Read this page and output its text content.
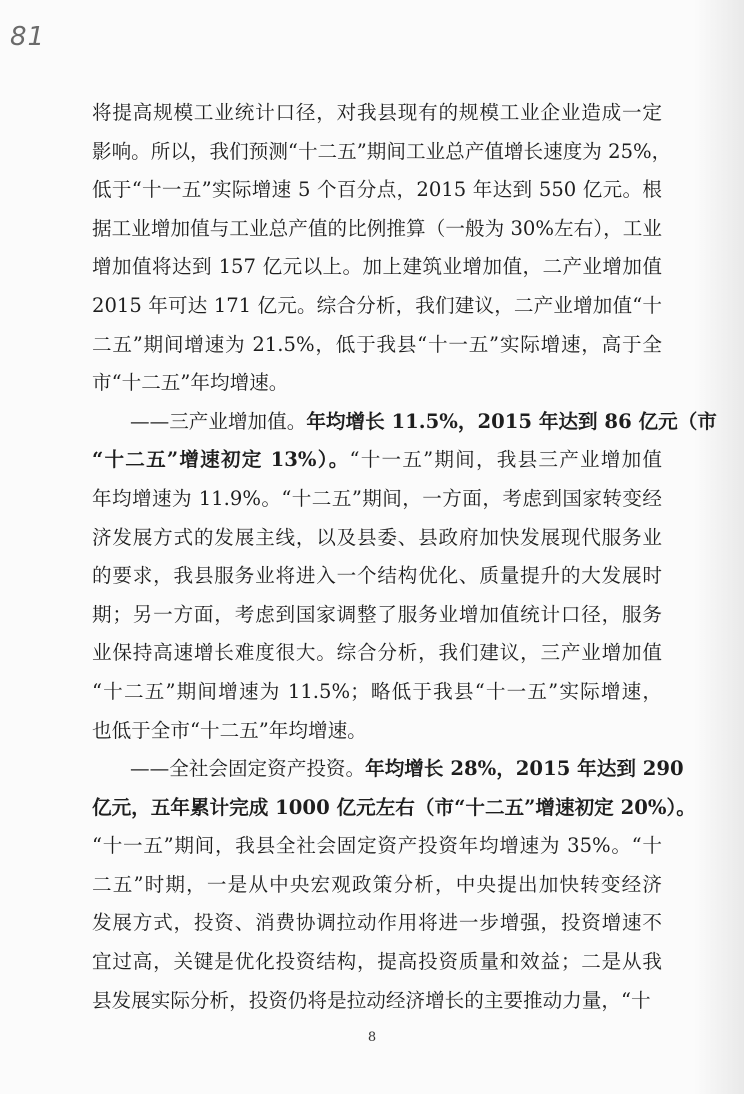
81
将提高规模工业统计口径，对我县现有的规模工业企业造成一定
影响。所以，我们预测“十二五”期间工业总产值增长速度为 25%，
低于“十一五”实际增速 5 个百分点，2015 年达到 550 亿元。根
据工业增加值与工业总产值的比例推算（一般为 30%左右），工业
增加值将达到 157 亿元以上。加上建筑业增加值，二产业增加值
2015 年可达 171 亿元。综合分析，我们建议，二产业增加值“十
二五”期间增速为 21.5%，低于我县“十一五”实际增速，高于全
市“十二五”年均增速。
——三产业增加值。年均增长 11.5%，2015 年达到 86 亿元（市
“十二五”增速初定 13%）。“十一五”期间，我县三产业增加值
年均增速为 11.9%。“十二五”期间，一方面，考虑到国家转变经
济发展方式的发展主线，以及县委、县政府加快发展现代服务业
的要求，我县服务业将进入一个结构优化、质量提升的大发展时
期；另一方面，考虑到国家调整了服务业增加值统计口径，服务
业保持高速增长难度很大。综合分析，我们建议，三产业增加值
“十二五”期间增速为 11.5%；略低于我县“十一五”实际增速，
也低于全市“十二五”年均增速。
——全社会固定资产投资。年均增长 28%，2015 年达到 290
亿元，五年累计完成 1000 亿元左右（市“十二五”增速初定 20%）。
“十一五”期间，我县全社会固定资产投资年均增速为 35%。“十
二五”时期，一是从中央宏观政策分析，中央提出加快转变经济
发展方式，投资、消费协调拉动作用将进一步增强，投资增速不
宜过高，关键是优化投资结构，提高投资质量和效益；二是从我
县发展实际分析，投资仍将是拉动经济增长的主要推动力量，“十
8
